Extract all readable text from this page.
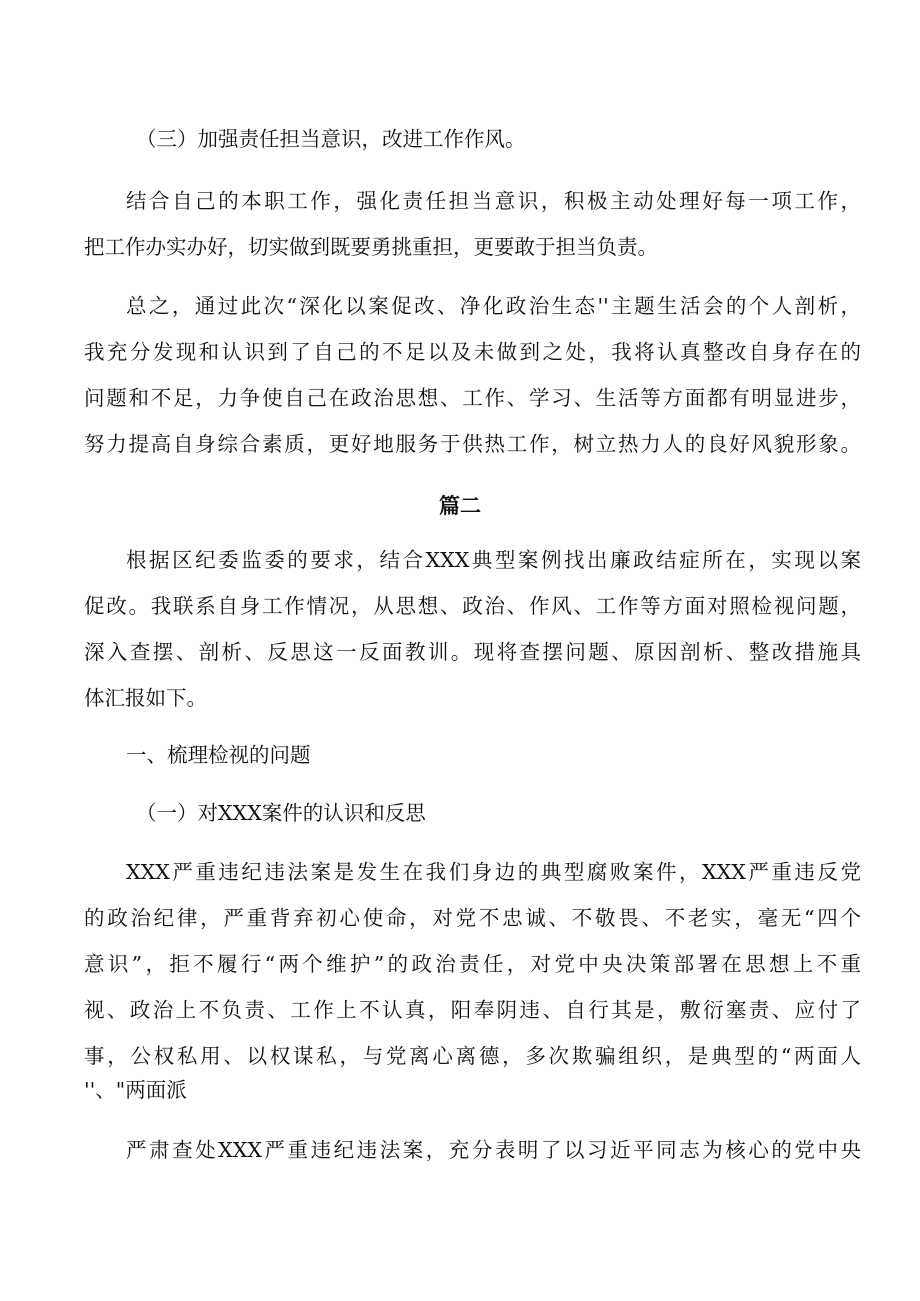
（三）加强责任担当意识，改进工作作风。
结合自己的本职工作，强化责任担当意识，积极主动处理好每一项工作，
把工作办实办好，切实做到既要勇挑重担，更要敢于担当负责。
总之，通过此次“深化以案促改、净化政治生态''主题生活会的个人剖析，
我充分发现和认识到了自己的不足以及未做到之处，我将认真整改自身存在的
问题和不足，力争使自己在政治思想、工作、学习、生活等方面都有明显进步，
努力提高自身综合素质，更好地服务于供热工作，树立热力人的良好风貌形象。
篇二
根据区纪委监委的要求，结合XXX典型案例找出廉政结症所在，实现以案
促改。我联系自身工作情况，从思想、政治、作风、工作等方面对照检视问题，
深入查摆、剖析、反思这一反面教训。现将查摆问题、原因剖析、整改措施具
体汇报如下。
一、梳理检视的问题
（一）对XXX案件的认识和反思
XXX严重违纪违法案是发生在我们身边的典型腐败案件，XXX严重违反党
的政治纪律，严重背弃初心使命，对党不忠诚、不敬畏、不老实，毫无“四个
意识”，拒不履行“两个维护”的政治责任，对党中央决策部署在思想上不重
视、政治上不负责、工作上不认真，阳奉阴违、自行其是，敷衍塞责、应付了
事，公权私用、以权谋私，与党离心离德，多次欺骗组织，是典型的“两面人
''、"两面派
严肃查处XXX严重违纪违法案，充分表明了以习近平同志为核心的党中央
